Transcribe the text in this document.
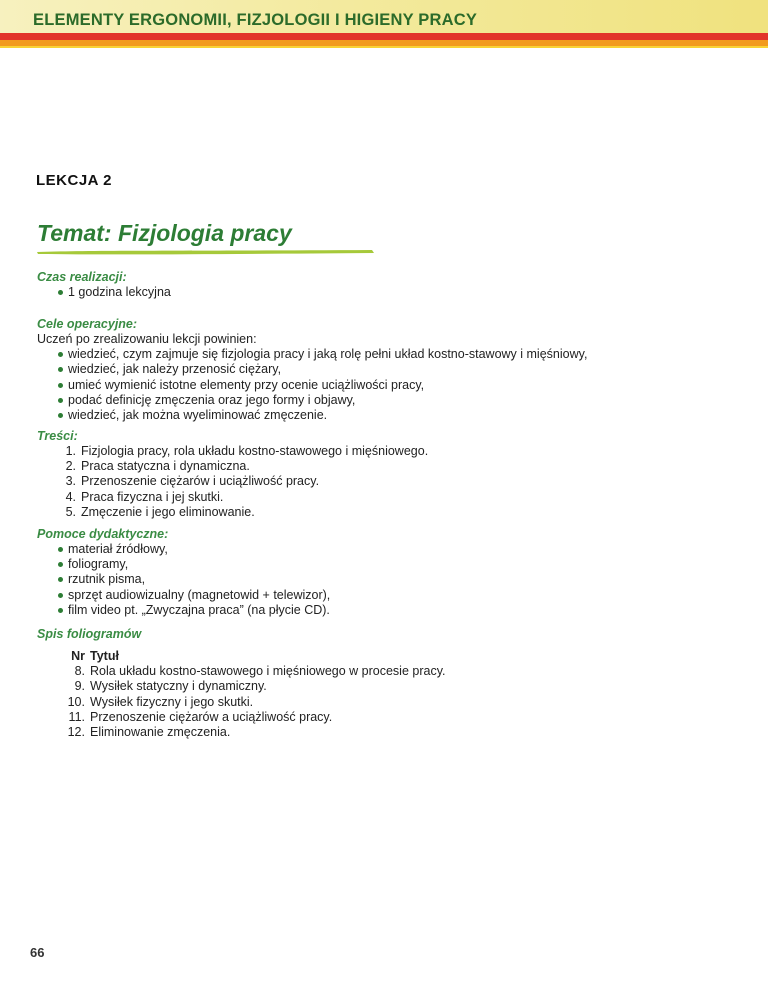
ELEMENTY ERGONOMII, FIZJOLOGII I HIGIENY PRACY
LEKCJA 2
Temat: Fizjologia pracy
Czas realizacji:
1 godzina lekcyjna
Cele operacyjne:
Uczeń po zrealizowaniu lekcji powinien:
wiedzieć, czym zajmuje się fizjologia pracy i jaką rolę pełni układ kostno-stawowy i mięśniowy,
wiedzieć, jak należy przenosić ciężary,
umieć wymienić istotne elementy przy ocenie uciążliwości pracy,
podać definicję zmęczenia oraz jego formy i objawy,
wiedzieć, jak można wyeliminować zmęczenie.
Treści:
1. Fizjologia pracy, rola układu kostno-stawowego i mięśniowego.
2. Praca statyczna i dynamiczna.
3. Przenoszenie ciężarów i uciążliwość pracy.
4. Praca fizyczna i jej skutki.
5. Zmęczenie i jego eliminowanie.
Pomoce dydaktyczne:
materiał źródłowy,
foliogramy,
rzutnik pisma,
sprzęt audiowizualny (magnetowid + telewizor),
film video pt. „Zwyczajna praca” (na płycie CD).
Spis foliogramów
Nr Tytuł
8. Rola układu kostno-stawowego i mięśniowego w procesie pracy.
9. Wysiłek statyczny i dynamiczny.
10. Wysiłek fizyczny i jego skutki.
11. Przenoszenie ciężarów a uciążliwość pracy.
12. Eliminowanie zmęczenia.
66
